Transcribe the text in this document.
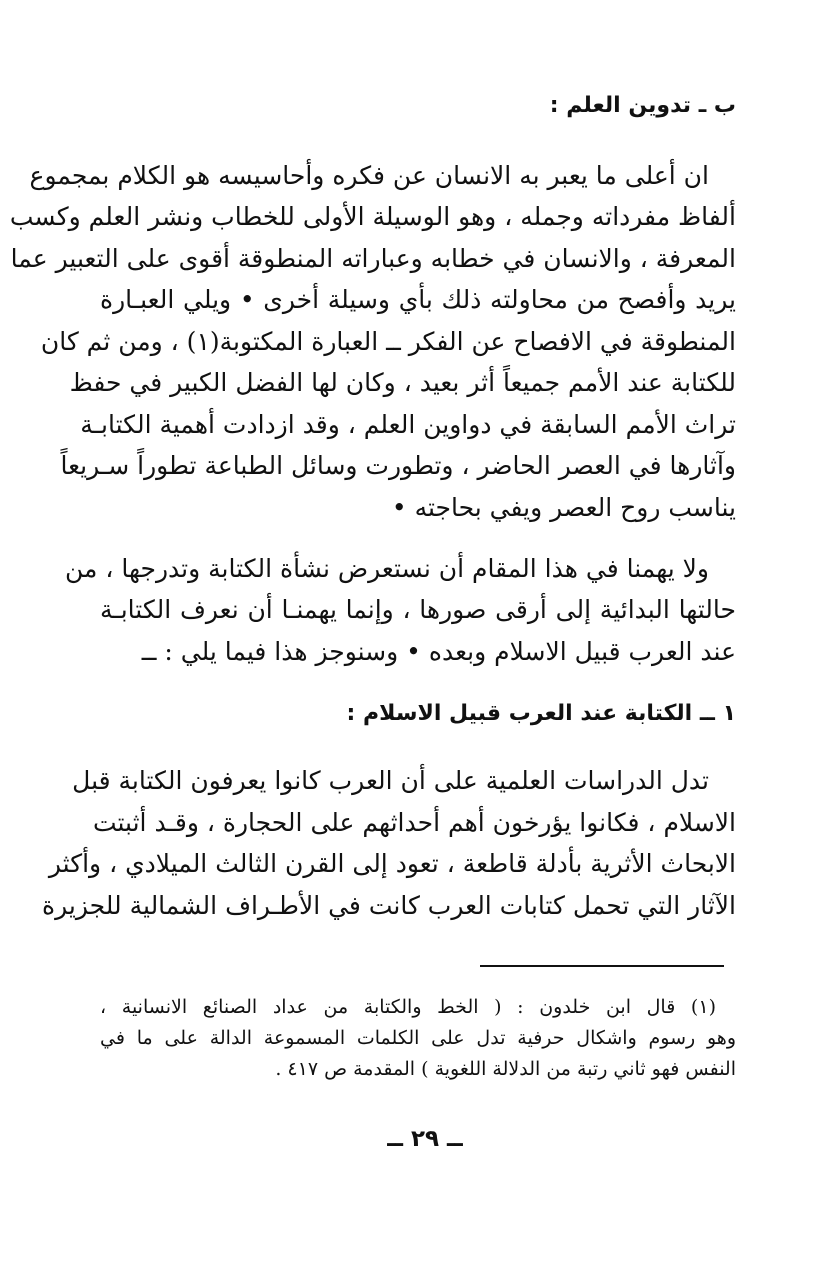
ب ـ تدوين العلم :
ان أعلى ما يعبر به الانسان عن فكره وأحاسيسه هو الكلام بمجموع
ألفاظ مفرداته وجمله ، وهو الوسيلة الأولى للخطاب ونشر العلم وكسب
المعرفة ، والانسان في خطابه وعباراته المنطوقة أقوى على التعبير عما
يريد وأفصح من محاولته ذلك بأي وسيلة أخرى • ويلي العبـارة
المنطوقة في الافصاح عن الفكر ــ العبارة المكتوبة(١) ، ومن ثم كان
للكتابة عند الأمم جميعاً أثر بعيد ، وكان لها الفضل الكبير في حفظ
تراث الأمم السابقة في دواوين العلم ، وقد ازدادت أهمية الكتابـة
وآثارها في العصر الحاضر ، وتطورت وسائل الطباعة تطوراً سـريعاً
يناسب روح العصر ويفي بحاجته •
ولا يهمنا في هذا المقام أن نستعرض نشأة الكتابة وتدرجها ، من
حالتها البدائية إلى أرقى صورها ، وإنما يهمنـا أن نعرف الكتابـة
عند العرب قبيل الاسلام وبعده • وسنوجز هذا فيما يلي : ــ
١ ــ الكتابة عند العرب قبيل الاسلام :
تدل الدراسات العلمية على أن العرب كانوا يعرفون الكتابة قبل
الاسلام ، فكانوا يؤرخون أهم أحداثهم على الحجارة ، وقـد أثبتت
الابحاث الأثرية بأدلة قاطعة ، تعود إلى القرن الثالث الميلادي ، وأكثر
الآثار التي تحمل كتابات العرب كانت في الأطـراف الشمالية للجزيرة
(١) قال ابن خلدون : ( الخط والكتابة من عداد الصنائع الانسانية ،
وهو رسوم واشكال حرفية تدل على الكلمات المسموعة الدالة على ما في
النفس فهو ثاني رتبة من الدلالة اللغوية ) المقدمة ص ٤١٧ .
ــ ٢٩ ــ
